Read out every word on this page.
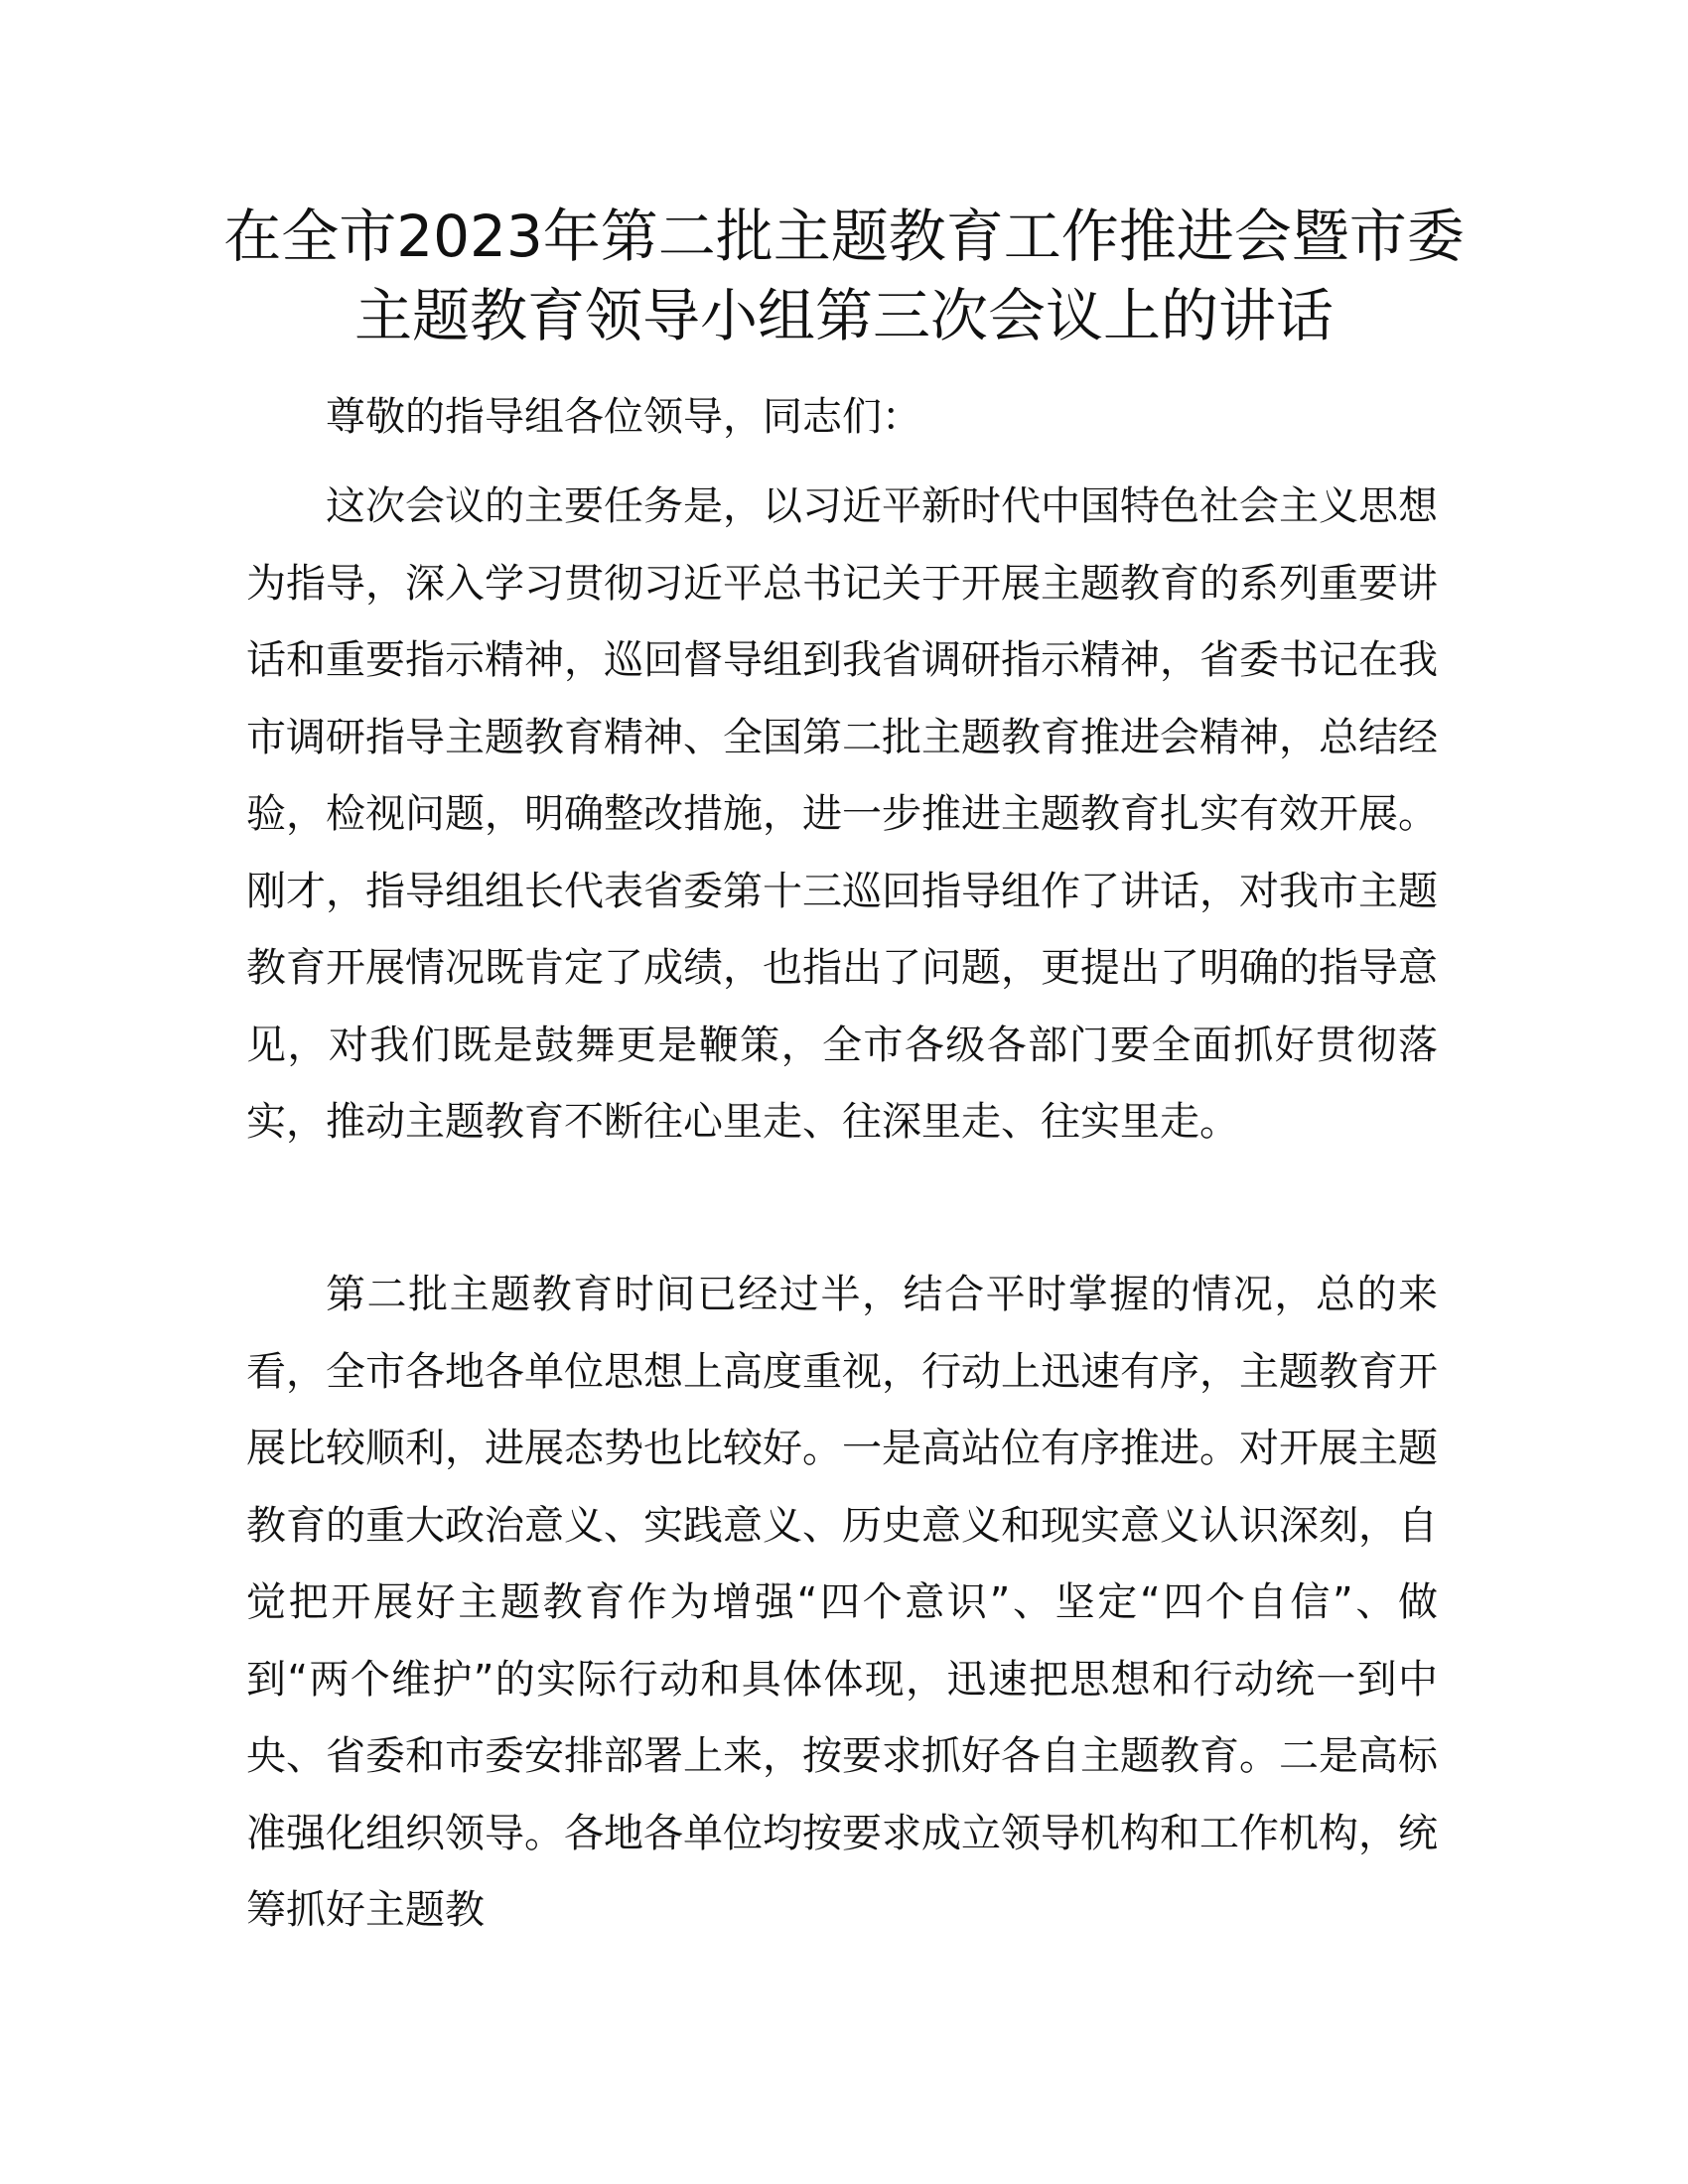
在全市2023年第二批主题教育工作推进会暨市委主题教育领导小组第三次会议上的讲话

尊敬的指导组各位领导，同志们：

这次会议的主要任务是，以习近平新时代中国特色社会主义思想为指导，深入学习贯彻习近平总书记关于开展主题教育的系列重要讲话和重要指示精神，巡回督导组到我省调研指示精神，省委书记在我市调研指导主题教育精神、全国第二批主题教育推进会精神，总结经验，检视问题，明确整改措施，进一步推进主题教育扎实有效开展。刚才，指导组组长代表省委第十三巡回指导组作了讲话，对我市主题教育开展情况既肯定了成绩，也指出了问题，更提出了明确的指导意见，对我们既是鼓舞更是鞭策，全市各级各部门要全面抓好贯彻落实，推动主题教育不断往心里走、往深里走、往实里走。

第二批主题教育时间已经过半，结合平时掌握的情况，总的来看，全市各地各单位思想上高度重视，行动上迅速有序，主题教育开展比较顺利，进展态势也比较好。一是高站位有序推进。对开展主题教育的重大政治意义、实践意义、历史意义和现实意义认识深刻，自觉把开展好主题教育作为增强“四个意识”、坚定“四个自信”、做到“两个维护”的实际行动和具体体现，迅速把思想和行动统一到中央、省委和市委安排部署上来，按要求抓好各自主题教育。二是高标准强化组织领导。各地各单位均按要求成立领导机构和工作机构，统筹抓好主题教
